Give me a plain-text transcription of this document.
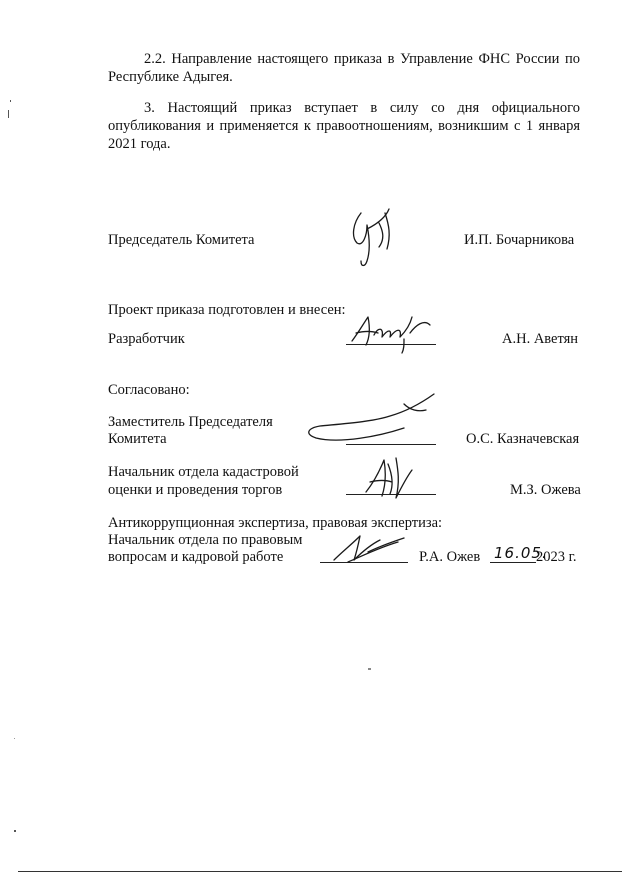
2.2. Направление настоящего приказа в Управление ФНС России по
Республике Адыгея.
3. Настоящий приказ вступает в силу со дня официального
опубликования и применяется к правоотношениям, возникшим с 1 января
2021 года.
Председатель Комитета	И.П. Бочарникова
Проект приказа подготовлен и внесен:
Разработчик	А.Н. Аветян
Согласовано:
Заместитель Председателя
Комитета	О.С. Казначевская
Начальник отдела кадастровой
оценки и проведения торгов	М.З. Ожева
Антикоррупционная экспертиза, правовая экспертиза:
Начальник отдела по правовым
вопросам и кадровой работе	Р.А. Ожев 16.05.
2023 г.
